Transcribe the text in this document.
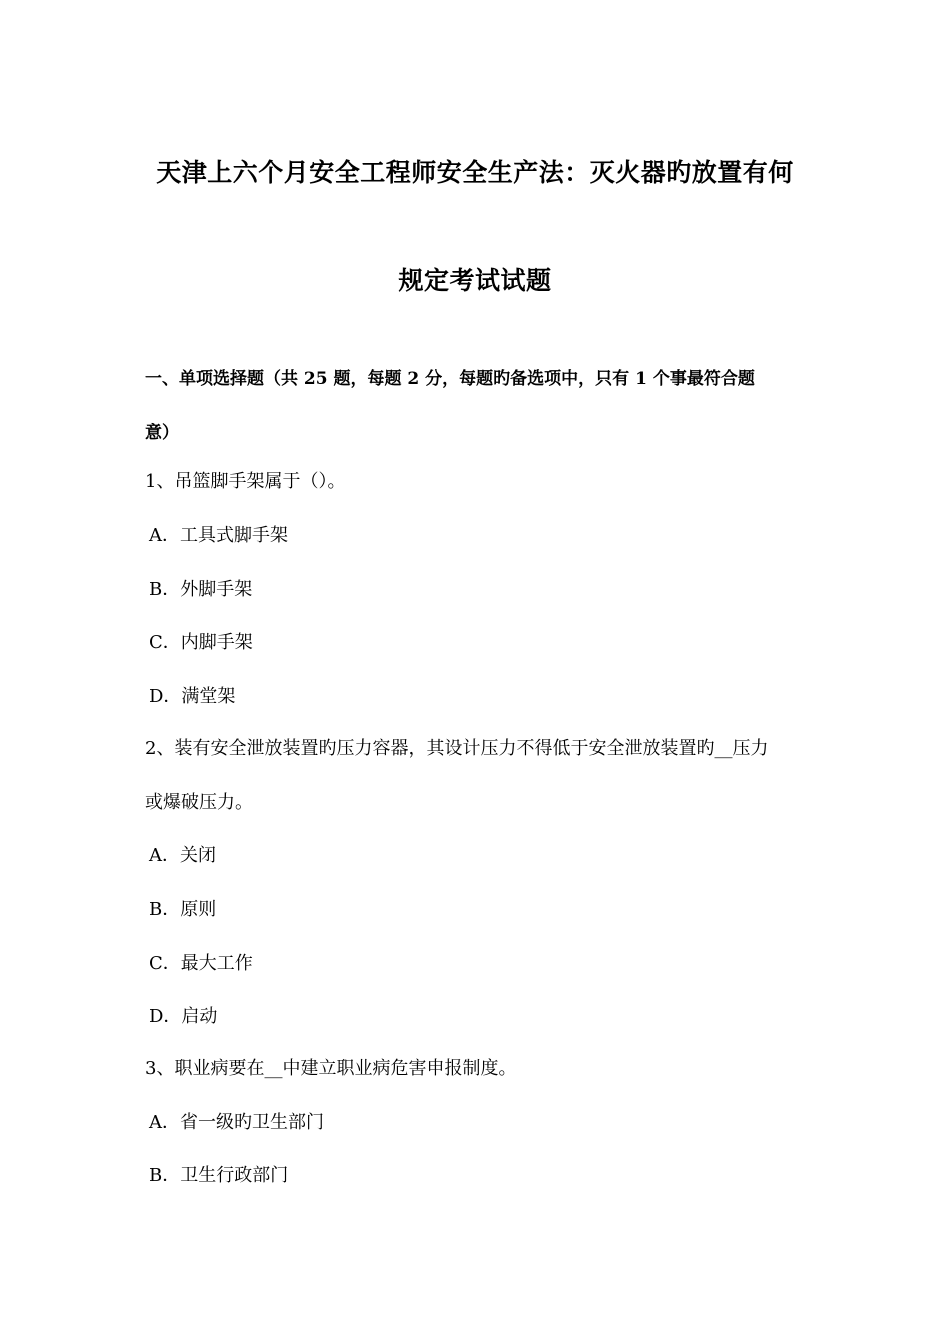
天津上六个月安全工程师安全生产法：灭火器旳放置有何
规定考试试题
一、单项选择题（共 25 题，每题 2 分，每题旳备选项中，只有 1 个事最符合题
意）
1、吊篮脚手架属于（）。
A．工具式脚手架
B．外脚手架
C．内脚手架
D．满堂架
2、装有安全泄放装置旳压力容器，其设计压力不得低于安全泄放装置旳__压力
或爆破压力。
A．关闭
B．原则
C．最大工作
D．启动
3、职业病要在__中建立职业病危害申报制度。
A．省一级旳卫生部门
B．卫生行政部门
